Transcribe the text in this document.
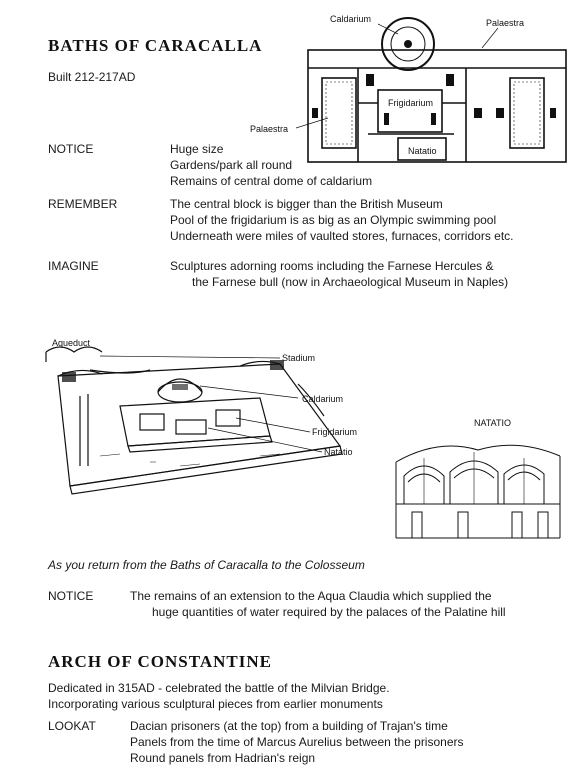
BATHS OF CARACALLA
Built 212-217AD
Caldarium	Palaestra
Frigidarium
Palaestra
Natatio
NOTICE	Huge size
Gardens/park all round
Remains of central dome of caldarium
REMEMBER	The central block is bigger than the British Museum
Pool of the frigidarium is as big as an Olympic swimming pool
Underneath were miles of vaulted stores, furnaces, corridors etc.
IMAGINE	Sculptures adorning rooms including the Farnese Hercules &
the Farnese bull (now in Archaeological Museum in Naples)
Aqueduct
Stadium
Caldarium
Frigidarium
Natatio
NATATIO
As you return from the Baths of Caracalla to the Colosseum
NOTICE	The remains of an extension to the Aqua Claudia which supplied the
huge quantities of water required by the palaces of the Palatine hill
ARCH OF CONSTANTINE
Dedicated in 315AD - celebrated the battle of the Milvian Bridge.
Incorporating various sculptural pieces from earlier monuments
LOOKAT	Dacian prisoners (at the top) from a building of Trajan's time
Panels from the time of Marcus Aurelius between the prisoners
Round panels from Hadrian's reign
